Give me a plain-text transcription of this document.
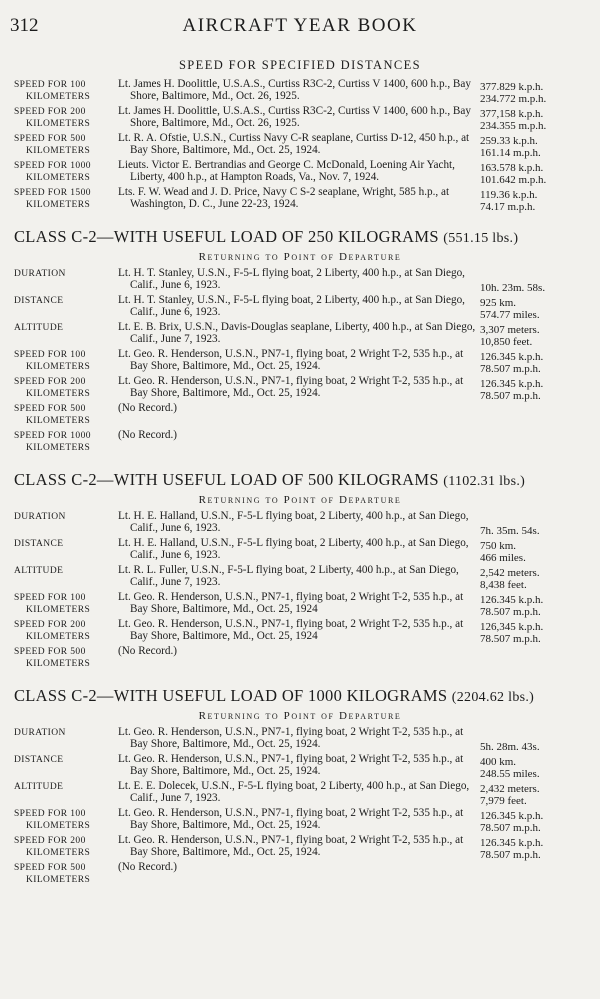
AIRCRAFT YEAR BOOK
312
SPEED FOR SPECIFIED DISTANCES
SPEED FOR 100
KILOMETERS
Lt. James H. Doolittle, U.S.A.S., Curtiss R3C-2, Curtiss V 1400, 600 h.p., Bay Shore, Baltimore, Md., Oct. 26, 1925.
377.829 k.p.h.
234.772 m.p.h.
SPEED FOR 200
KILOMETERS
Lt. James H. Doolittle, U.S.A.S., Curtiss R3C-2, Curtiss V 1400, 600 h.p., Bay Shore, Baltimore, Md., Oct. 26, 1925.
377,158 k.p.h.
234.355 m.p.h.
SPEED FOR 500
KILOMETERS
Lt. R. A. Ofstie, U.S.N., Curtiss Navy C-R seaplane, Curtiss D-12, 450 h.p., at Bay Shore, Baltimore, Md., Oct. 25, 1924.
259.33 k.p.h.
161.14 m.p.h.
SPEED FOR 1000
KILOMETERS
Lieuts. Victor E. Bertrandias and George C. McDonald, Loening Air Yacht, Liberty, 400 h.p., at Hampton Roads, Va., Nov. 7, 1924.
163.578 k.p.h.
101.642 m.p.h.
SPEED FOR 1500
KILOMETERS
Lts. F. W. Wead and J. D. Price, Navy C S-2 seaplane, Wright, 585 h.p., at Washington, D. C., June 22-23, 1924.
119.36 k.p.h.
74.17 m.p.h.
CLASS C-2—WITH USEFUL LOAD OF 250 KILOGRAMS (551.15 lbs.)
Returning to Point of Departure
DURATION	Lt. H. T. Stanley, U.S.N., F-5-L flying boat, 2 Liberty, 400 h.p., at San Diego, Calif., June 6, 1923.	10h. 23m. 58s.
DISTANCE	Lt. H. T. Stanley, U.S.N., F-5-L flying boat, 2 Liberty, 400 h.p., at San Diego, Calif., June 6, 1923.
925 km.
574.77 miles.
ALTITUDE	Lt. E. B. Brix, U.S.N., Davis-Douglas seaplane, Liberty, 400 h.p., at San Diego, Calif., June 7, 1923.
3,307 meters.
10,850 feet.
SPEED FOR 100
KILOMETERS
Lt. Geo. R. Henderson, U.S.N., PN7-1, flying boat, 2 Wright T-2, 535 h.p., at Bay Shore, Baltimore, Md., Oct. 25, 1924.
126.345 k.p.h.
78.507 m.p.h.
SPEED FOR 200
KILOMETERS
Lt. Geo. R. Henderson, U.S.N., PN7-1, flying boat, 2 Wright T-2, 535 h.p., at Bay Shore, Baltimore, Md., Oct. 25, 1924.
126.345 k.p.h.
78.507 m.p.h.
SPEED FOR 500
KILOMETERS
(No Record.)
SPEED FOR 1000
KILOMETERS
(No Record.)
CLASS C-2—WITH USEFUL LOAD OF 500 KILOGRAMS (1102.31 lbs.)
Returning to Point of Departure
DURATION	Lt. H. E. Halland, U.S.N., F-5-L flying boat, 2 Liberty, 400 h.p., at San Diego, Calif., June 6, 1923.	7h. 35m. 54s.
DISTANCE	Lt. H. E. Halland, U.S.N., F-5-L flying boat, 2 Liberty, 400 h.p., at San Diego, Calif., June 6, 1923.
750 km.
466 miles.
ALTITUDE	Lt. R. L. Fuller, U.S.N., F-5-L flying boat, 2 Liberty, 400 h.p., at San Diego, Calif., June 7, 1923.
2,542 meters.
8,438 feet.
SPEED FOR 100
KILOMETERS
Lt. Geo. R. Henderson, U.S.N., PN7-1, flying boat, 2 Wright T-2, 535 h.p., at Bay Shore, Baltimore, Md., Oct. 25, 1924
126.345 k.p.h.
78.507 m.p.h.
SPEED FOR 200
KILOMETERS
Lt. Geo. R. Henderson, U.S.N., PN7-1, flying boat, 2 Wright T-2, 535 h.p., at Bay Shore, Baltimore, Md., Oct. 25, 1924
126,345 k.p.h.
78.507 m.p.h.
SPEED FOR 500
KILOMETERS
(No Record.)
CLASS C-2—WITH USEFUL LOAD OF 1000 KILOGRAMS (2204.62 lbs.)
Returning to Point of Departure
DURATION	Lt. Geo. R. Henderson, U.S.N., PN7-1, flying boat, 2 Wright T-2, 535 h.p., at Bay Shore, Baltimore, Md., Oct. 25, 1924.	5h. 28m. 43s.
DISTANCE	Lt. Geo. R. Henderson, U.S.N., PN7-1, flying boat, 2 Wright T-2, 535 h.p., at Bay Shore, Baltimore, Md., Oct. 25, 1924.
400 km.
248.55 miles.
ALTITUDE	Lt. E. E. Dolecek, U.S.N., F-5-L flying boat, 2 Liberty, 400 h.p., at San Diego, Calif., June 7, 1923.
2,432 meters.
7,979 feet.
SPEED FOR 100
KILOMETERS
Lt. Geo. R. Henderson, U.S.N., PN7-1, flying boat, 2 Wright T-2, 535 h.p., at Bay Shore, Baltimore, Md., Oct. 25, 1924.
126.345 k.p.h.
78.507 m.p.h.
SPEED FOR 200
KILOMETERS
Lt. Geo. R. Henderson, U.S.N., PN7-1, flying boat, 2 Wright T-2, 535 h.p., at Bay Shore, Baltimore, Md., Oct. 25, 1924.
126.345 k.p.h.
78.507 m.p.h.
SPEED FOR 500
KILOMETERS
(No Record.)
